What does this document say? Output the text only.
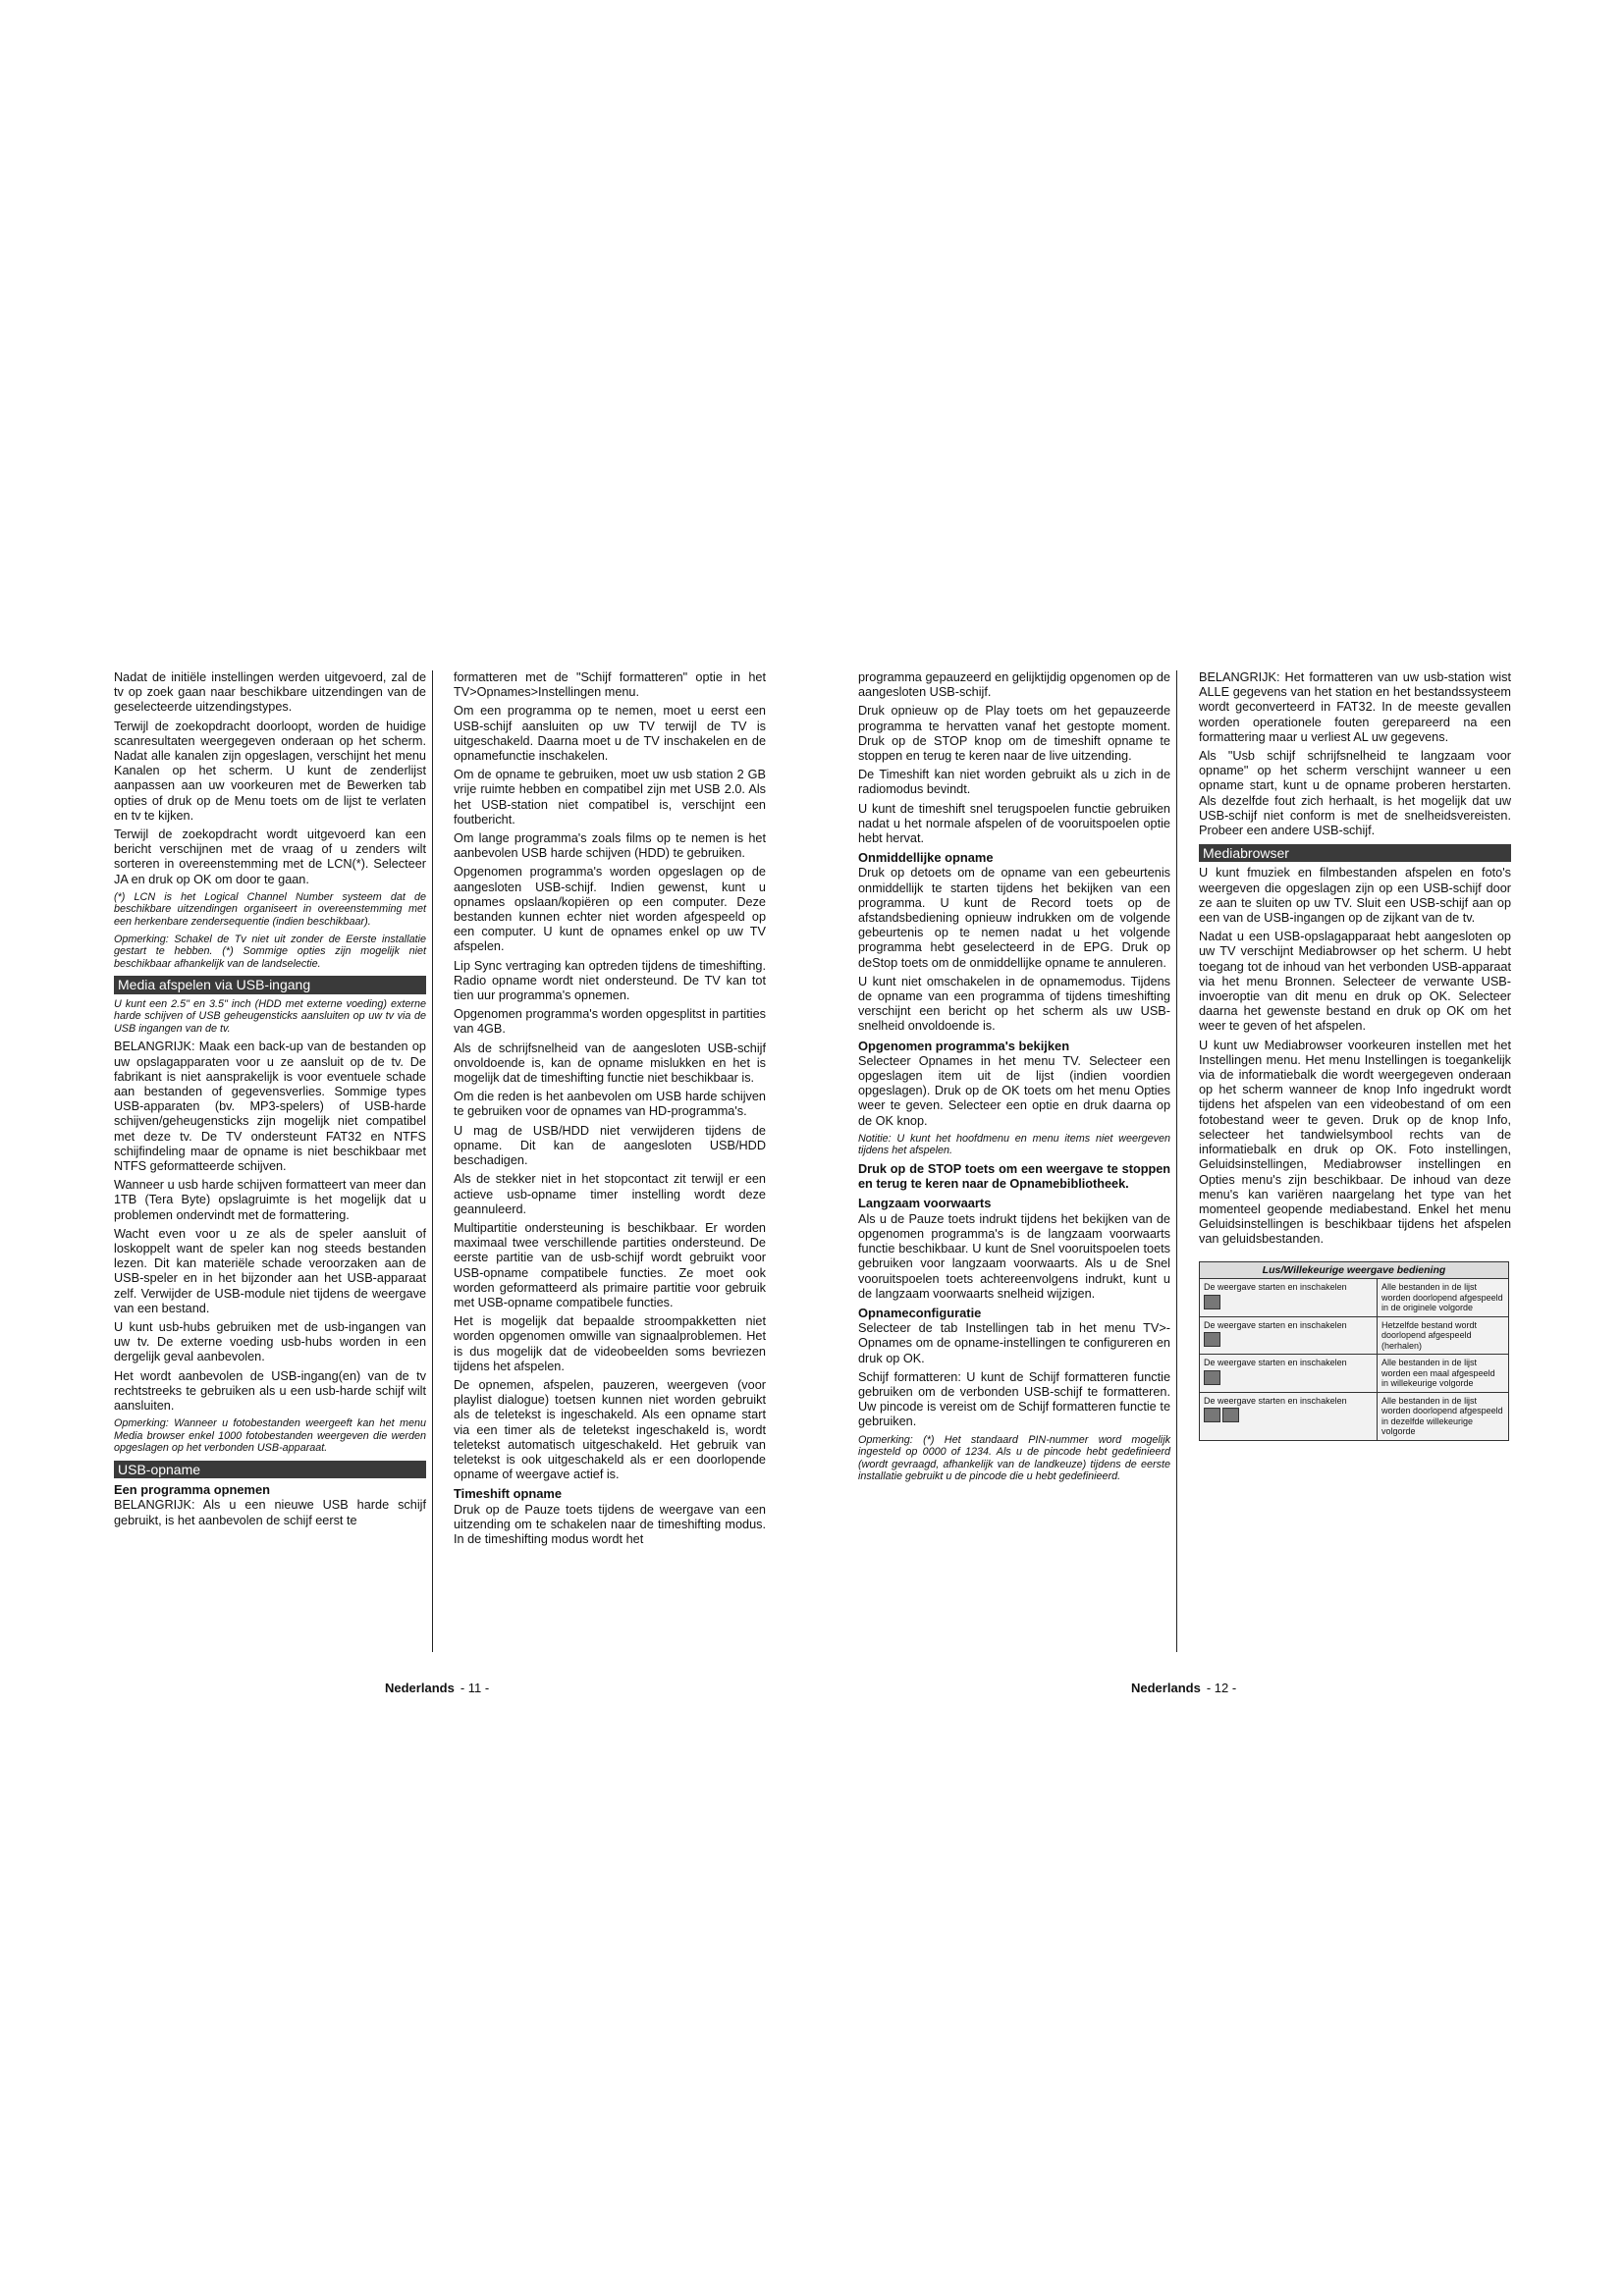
Nadat de initiële instellingen werden uitgevoerd, zal de tv op zoek gaan naar beschikbare uitzendingen van de geselecteerde uitzendingstypes.

Terwijl de zoekopdracht doorloopt, worden de huidige scanresultaten weergegeven onderaan op het scherm. Nadat alle kanalen zijn opgeslagen, verschijnt het menu Kanalen op het scherm. U kunt de zenderlijst aanpassen aan uw voorkeuren met de Bewerken tab opties of druk op de Menu toets om de lijst te verlaten en tv te kijken.

Terwijl de zoekopdracht wordt uitgevoerd kan een bericht verschijnen met de vraag of u zenders wilt sorteren in overeenstemming met de LCN(*). Selecteer JA en druk op OK om door te gaan.

(*) LCN is het Logical Channel Number systeem dat de beschikbare uitzendingen organiseert in overeenstemming met een herkenbare zendersequentie (indien beschikbaar).

Opmerking: Schakel de Tv niet uit zonder de Eerste installatie gestart te hebben. (*) Sommige opties zijn mogelijk niet beschikbaar afhankelijk van de landselectie.

Media afspelen via USB-ingang

U kunt een 2.5" en 3.5" inch (HDD met externe voeding) externe harde schijven of USB geheugensticks aansluiten op uw tv via de USB ingangen van de tv.

BELANGRIJK: Maak een back-up van de bestanden op uw opslagapparaten voor u ze aansluit op de tv. De fabrikant is niet aansprakelijk is voor eventuele schade aan bestanden of gegevensverlies. Sommige types USB-apparaten (bv. MP3-spelers) of USB-harde schijven/geheugensticks zijn mogelijk niet compatibel met deze tv. De TV ondersteunt FAT32 en NTFS schijfindeling maar de opname is niet beschikbaar met NTFS geformatteerde schijven.

Wanneer u usb harde schijven formatteert van meer dan 1TB (Tera Byte) opslagruimte is het mogelijk dat u problemen ondervindt met de formattering.

Wacht even voor u ze als de speler aansluit of loskoppelt want de speler kan nog steeds bestanden lezen. Dit kan materiële schade veroorzaken aan de USB-speler en in het bijzonder aan het USB-apparaat zelf. Verwijder de USB-module niet tijdens de weergave van een bestand.

U kunt usb-hubs gebruiken met de usb-ingangen van uw tv. De externe voeding usb-hubs worden in een dergelijk geval aanbevolen.

Het wordt aanbevolen de USB-ingang(en) van de tv rechtstreeks te gebruiken als u een usb-harde schijf wilt aansluiten.

Opmerking: Wanneer u fotobestanden weergeeft kan het menu Media browser enkel 1000 fotobestanden weergeven die werden opgeslagen op het verbonden USB-apparaat.

USB-opname
Een programma opnemen

BELANGRIJK: Als u een nieuwe USB harde schijf gebruikt, is het aanbevolen de schijf eerst te

formatteren met de "Schijf formatteren" optie in het TV>Opnames>Instellingen menu.

Om een programma op te nemen, moet u eerst een USB-schijf aansluiten op uw TV terwijl de TV is uitgeschakeld. Daarna moet u de TV inschakelen en de opnamefunctie inschakelen.

Om de opname te gebruiken, moet uw usb station 2 GB vrije ruimte hebben en compatibel zijn met USB 2.0. Als het USB-station niet compatibel is, verschijnt een foutbericht.

Om lange programma's zoals films op te nemen is het aanbevolen USB harde schijven (HDD) te gebruiken.

Opgenomen programma's worden opgeslagen op de aangesloten USB-schijf. Indien gewenst, kunt u opnames opslaan/kopiëren op een computer. Deze bestanden kunnen echter niet worden afgespeeld op een computer. U kunt de opnames enkel op uw TV afspelen.

Lip Sync vertraging kan optreden tijdens de timeshifting. Radio opname wordt niet ondersteund. De TV kan tot tien uur programma's opnemen.

Opgenomen programma's worden opgesplitst in partities van 4GB.

Als de schrijfsnelheid van de aangesloten USB-schijf onvoldoende is, kan de opname mislukken en het is mogelijk dat de timeshifting functie niet beschikbaar is.

Om die reden is het aanbevolen om USB harde schijven te gebruiken voor de opnames van HD-programma's.

U mag de USB/HDD niet verwijderen tijdens de opname. Dit kan de aangesloten USB/HDD beschadigen.

Als de stekker niet in het stopcontact zit terwijl er een actieve usb-opname timer instelling wordt deze geannuleerd.

Multipartitie ondersteuning is beschikbaar. Er worden maximaal twee verschillende partities ondersteund. De eerste partitie van de usb-schijf wordt gebruikt voor USB-opname compatibele functies. Ze moet ook worden geformatteerd als primaire partitie voor gebruik met USB-opname compatibele functies.

Het is mogelijk dat bepaalde stroompakketten niet worden opgenomen omwille van signaalproblemen. Het is dus mogelijk dat de videobeelden soms bevriezen tijdens het afspelen.

De opnemen, afspelen, pauzeren, weergeven (voor playlist dialogue) toetsen kunnen niet worden gebruikt als de teletekst is ingeschakeld. Als een opname start via een timer als de teletekst ingeschakeld is, wordt teletekst automatisch uitgeschakeld. Het gebruik van teletekst is ook uitgeschakeld als er een doorlopende opname of weergave actief is.

Timeshift opname

Druk op de Pauze toets tijdens de weergave van een uitzending om te schakelen naar de timeshifting modus. In de timeshifting modus wordt het

programma gepauzeerd en gelijktijdig opgenomen op de aangesloten USB-schijf.

Druk opnieuw op de Play toets om het gepauzeerde programma te hervatten vanaf het gestopte moment. Druk op de STOP knop om de timeshift opname te stoppen en terug te keren naar de live uitzending.

De Timeshift kan niet worden gebruikt als u zich in de radiomodus bevindt.

U kunt de timeshift snel terugspoelen functie gebruiken nadat u het normale afspelen of de vooruitspoelen optie hebt hervat.

Onmiddellijke opname

Druk op detoets om de opname van een gebeurtenis onmiddellijk te starten tijdens het bekijken van een programma. U kunt de Record toets op de afstandsbediening opnieuw indrukken om de volgende gebeurtenis op te nemen nadat u het volgende programma hebt geselecteerd in de EPG. Druk op deStop toets om de onmiddellijke opname te annuleren.

U kunt niet omschakelen in de opnamemodus. Tijdens de opname van een programma of tijdens timeshifting verschijnt een bericht op het scherm als uw USB-snelheid onvoldoende is.

Opgenomen programma's bekijken

Selecteer Opnames in het menu TV. Selecteer een opgeslagen item uit de lijst (indien voordien opgeslagen). Druk op de OK toets om het menu Opties weer te geven. Selecteer een optie en druk daarna op de OK knop.

Notitie: U kunt het hoofdmenu en menu items niet weergeven tijdens het afspelen.

Druk op de STOP toets om een weergave te stoppen en terug te keren naar de Opnamebibliotheek.

Langzaam voorwaarts

Als u de Pauze toets indrukt tijdens het bekijken van de opgenomen programma's is de langzaam voorwaarts functie beschikbaar. U kunt de Snel vooruitspoelen toets gebruiken voor langzaam voorwaarts. Als u de Snel vooruitspoelen toets achtereenvolgens indrukt, kunt u de langzaam voorwaarts snelheid wijzigen.

Opnameconfiguratie

Selecteer de tab Instellingen tab in het menu TV>-Opnames om de opname-instellingen te configureren en druk op OK.

Schijf formatteren: U kunt de Schijf formatteren functie gebruiken om de verbonden USB-schijf te formatteren. Uw pincode is vereist om de Schijf formatteren functie te gebruiken.

Opmerking: (*) Het standaard PIN-nummer word mogelijk ingesteld op 0000 of 1234. Als u de pincode hebt gedefinieerd (wordt gevraagd, afhankelijk van de landkeuze) tijdens de eerste installatie gebruikt u de pincode die u hebt gedefinieerd.

BELANGRIJK: Het formatteren van uw usb-station wist ALLE gegevens van het station en het bestandssysteem wordt geconverteerd in FAT32. In de meeste gevallen worden operationele fouten gerepareerd na een formattering maar u verliest AL uw gegevens.

Als "Usb schijf schrijfsnelheid te langzaam voor opname" op het scherm verschijnt wanneer u een opname start, kunt u de opname proberen herstarten. Als dezelfde fout zich herhaalt, is het mogelijk dat uw USB-schijf niet conform is met de snelheidsvereisten. Probeer een andere USB-schijf.

Mediabrowser

U kunt fmuziek en filmbestanden afspelen en foto's weergeven die opgeslagen zijn op een USB-schijf door ze aan te sluiten op uw TV. Sluit een USB-schijf aan op een van de USB-ingangen op de zijkant van de tv.

Nadat u een USB-opslagapparaat hebt aangesloten op uw TV verschijnt Mediabrowser op het scherm. U hebt toegang tot de inhoud van het verbonden USB-apparaat via het menu Bronnen. Selecteer de verwante USB-invoeroptie van dit menu en druk op OK. Selecteer daarna het gewenste bestand en druk op OK om het weer te geven of het afspelen.

U kunt uw Mediabrowser voorkeuren instellen met het Instellingen menu. Het menu Instellingen is toegankelijk via de informatiebalk die wordt weergegeven onderaan op het scherm wanneer de knop Info ingedrukt wordt tijdens het afspelen van een videobestand of om een fotobestand weer te geven. Druk op de knop Info, selecteer het tandwielsymbool rechts van de informatiebalk en druk op OK. Foto instellingen, Geluidsinstellingen, Mediabrowser instellingen en Opties menu's zijn beschikbaar. De inhoud van deze menu's kan variëren naargelang het type van het momenteel geopende mediabestand. Enkel het menu Geluidsinstellingen is beschikbaar tijdens het afspelen van geluidsbestanden.

Lus/Willekeurige weergave bediening	

De weergave starten en inschakelen	Alle bestanden in de lijst worden doorlopend afgespeeld in de originele volgorde

De weergave starten en inschakelen	Hetzelfde bestand wordt doorlopend afgespeeld (herhalen)

De weergave starten en inschakelen	Alle bestanden in de lijst worden een maal afgespeeld in willekeurige volgorde

De weergave starten en inschakelen	Alle bestanden in de lijst worden doorlopend afgespeeld in dezelfde willekeurige volgorde
Nederlands - 11 -	Nederlands - 12 -
